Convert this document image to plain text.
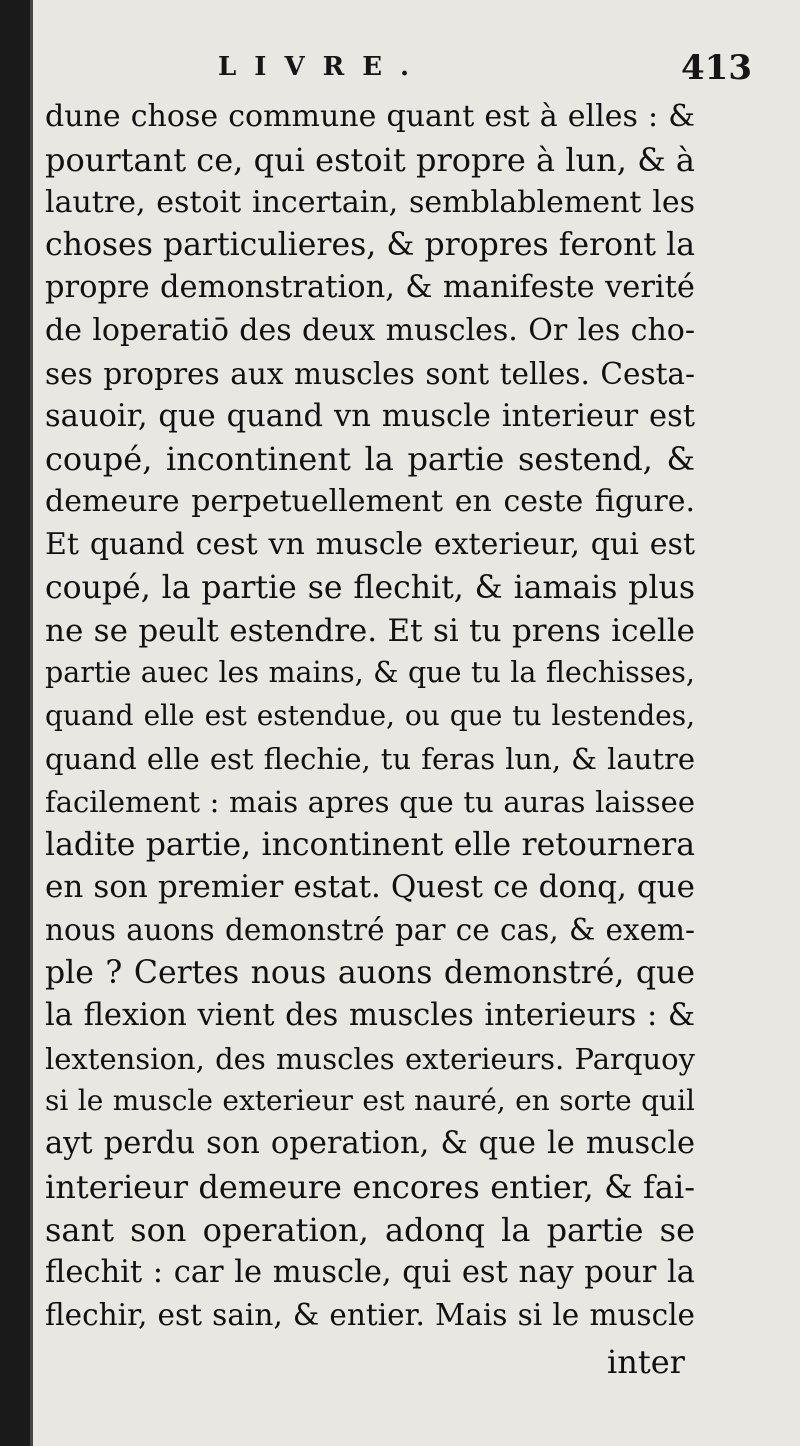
LIVRE.	413
dune chose commune quant est à elles : &
pourtant ce, qui estoit propre à lun, & à
lautre, estoit incertain, semblablement les
choses particulieres, & propres feront la
propre demonstration, & manifeste verité
de loperatiō des deux muscles. Or les cho-
ses propres aux muscles sont telles. Cesta-
sauoir, que quand vn muscle interieur est
coupé, incontinent la partie sestend, &
demeure perpetuellement en ceste figure.
Et quand cest vn muscle exterieur, qui est
coupé, la partie se flechit, & iamais plus
ne se peult estendre. Et si tu prens icelle
partie auec les mains, & que tu la flechisses,
quand elle est estendue, ou que tu lestendes,
quand elle est flechie, tu feras lun, & lautre
facilement : mais apres que tu auras laissee
ladite partie, incontinent elle retournera
en son premier estat. Quest ce donq, que
nous auons demonstré par ce cas, & exem-
ple ? Certes nous auons demonstré, que
la flexion vient des muscles interieurs : &
lextension, des muscles exterieurs. Parquoy
si le muscle exterieur est nauré, en sorte quil
ayt perdu son operation, & que le muscle
interieur demeure encores entier, & fai-
sant son operation, adonq la partie se
flechit : car le muscle, qui est nay pour la
flechir, est sain, & entier. Mais si le muscle
inter
